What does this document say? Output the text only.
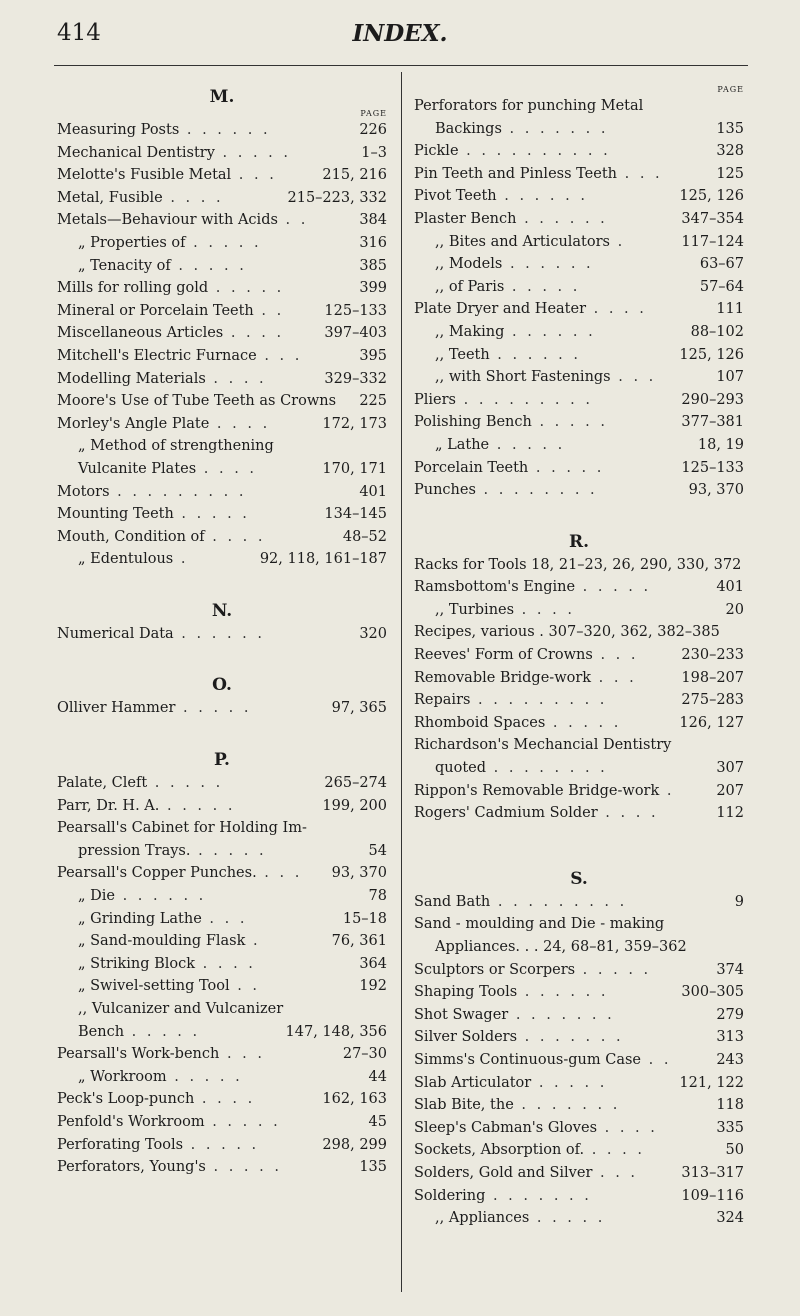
414	INDEX.
M.
PAGE
Measuring Posts . . . . . .	226
Mechanical Dentistry . . . . .	1–3
Melotte's Fusible Metal . . .	215, 216
Metal, Fusible . . . .	215–223, 332
Metals—Behaviour with Acids . .	384
„ Properties of . . . . .	316
„ Tenacity of . . . . .	385
Mills for rolling gold . . . . .	399
Mineral or Porcelain Teeth . .	125–133
Miscellaneous Articles . . . .	397–403
Mitchell's Electric Furnace . . .	395
Modelling Materials . . . .	329–332
Moore's Use of Tube Teeth as Crowns 225
Morley's Angle Plate . . . .	172, 173
„ Method of strengthening
Vulcanite Plates . . . .	170, 171
Motors . . . . . . . . .	401
Mounting Teeth . . . . .	134–145
Mouth, Condition of . . . .	48–52
„ Edentulous .	92, 118, 161–187
N.
Numerical Data . . . . . .	320
O.
Olliver Hammer . . . . .	97, 365
P.
Palate, Cleft . . . . .	265–274
Parr, Dr. H. A. . . . . .	199, 200
Pearsall's Cabinet for Holding Im-
pression Trays. . . . . .	54
Pearsall's Copper Punches. . . . 93, 370
„ Die . . . . . .	78
„ Grinding Lathe . . .	15–18
„ Sand-moulding Flask .	76, 361
„ Striking Block . . . .	364
„ Swivel-setting Tool . .	192
,, Vulcanizer and Vulcanizer
Bench . . . . .	147, 148, 356
Pearsall's Work-bench . . .	27–30
„ Workroom . . . . .	44
Peck's Loop-punch . . . .	162, 163
Penfold's Workroom . . . . .	45
Perforating Tools . . . . .	298, 299
Perforators, Young's . . . . .	135
PAGE
Perforators for punching Metal
Backings . . . . . . .	135
Pickle . . . . . . . . . .	328
Pin Teeth and Pinless Teeth . . .	125
Pivot Teeth . . . . . .	125, 126
Plaster Bench . . . . . .	347–354
,, Bites and Articulators .	117–124
,, Models . . . . . .	63–67
,, of Paris . . . . .	57–64
Plate Dryer and Heater . . . .	111
,, Making . . . . . .	88–102
,, Teeth . . . . . .	125, 126
,, with Short Fastenings . . .	107
Pliers . . . . . . . . .	290–293
Polishing Bench . . . . .	377–381
„ Lathe . . . . .	18, 19
Porcelain Teeth . . . . .	125–133
Punches . . . . . . . .	93, 370
R.
Racks for Tools 18, 21–23, 26, 290, 330, 372
Ramsbottom's Engine . . . . .	401
,, Turbines . . . .	20
Recipes, various . 307–320, 362, 382–385
Reeves' Form of Crowns . . .	230–233
Removable Bridge-work . . .	198–207
Repairs . . . . . . . . .	275–283
Rhomboid Spaces . . . . .	126, 127
Richardson's Mechancial Dentistry
quoted . . . . . . . .	307
Rippon's Removable Bridge-work .	207
Rogers' Cadmium Solder . . . .	112
S.
Sand Bath . . . . . . . . .	9
Sand - moulding and Die - making
Appliances. . . 24, 68–81, 359–362
Sculptors or Scorpers . . . . .	374
Shaping Tools . . . . . .	300–305
Shot Swager . . . . . . .	279
Silver Solders . . . . . . .	313
Simms's Continuous-gum Case . .	243
Slab Articulator . . . . .	121, 122
Slab Bite, the . . . . . . .	118
Sleep's Cabman's Gloves . . . .	335
Sockets, Absorption of. . . . .	50
Solders, Gold and Silver . . .	313–317
Soldering . . . . . . .	109–116
,, Appliances . . . . .	324
